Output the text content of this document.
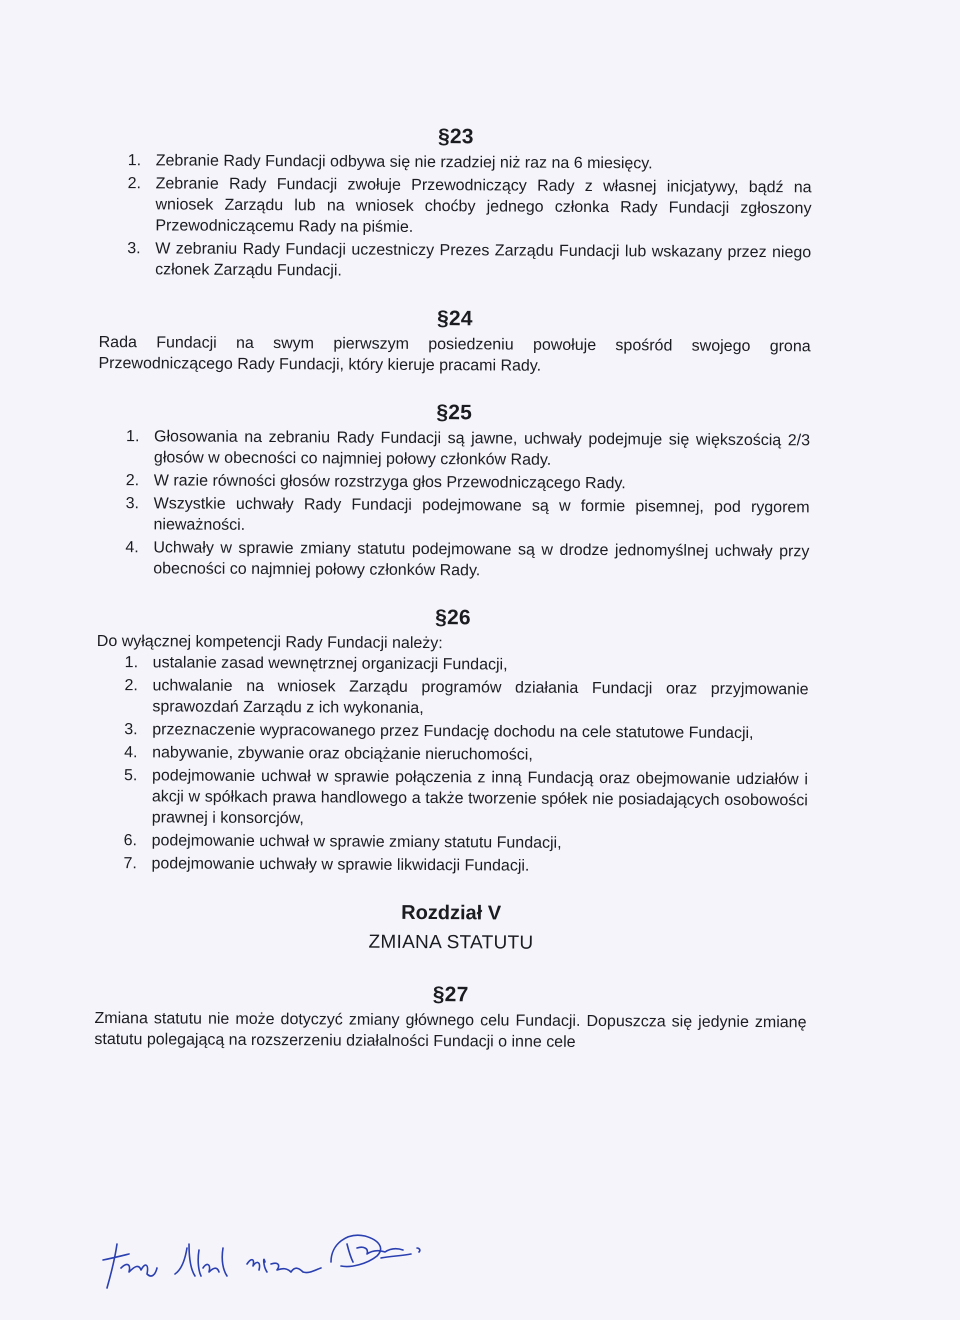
§23
1. Zebranie Rady Fundacji odbywa się nie rzadziej niż raz na 6 miesięcy.
2. Zebranie Rady Fundacji zwołuje Przewodniczący Rady z własnej inicjatywy, bądź na wniosek Zarządu lub na wniosek choćby jednego członka Rady Fundacji zgłoszony Przewodniczącemu Rady na piśmie.
3. W zebraniu Rady Fundacji uczestniczy Prezes Zarządu Fundacji lub wskazany przez niego członek Zarządu Fundacji.
§24
Rada Fundacji na swym pierwszym posiedzeniu powołuje spośród swojego grona Przewodniczącego Rady Fundacji, który kieruje pracami Rady.
§25
1. Głosowania na zebraniu Rady Fundacji są jawne, uchwały podejmuje się większością 2/3 głosów w obecności co najmniej połowy członków Rady.
2. W razie równości głosów rozstrzyga głos Przewodniczącego Rady.
3. Wszystkie uchwały Rady Fundacji podejmowane są w formie pisemnej, pod rygorem nieważności.
4. Uchwały w sprawie zmiany statutu podejmowane są w drodze jednomyślnej uchwały przy obecności co najmniej połowy członków Rady.
§26
Do wyłącznej kompetencji Rady Fundacji należy:
1. ustalanie zasad wewnętrznej organizacji Fundacji,
2. uchwalanie na wniosek Zarządu programów działania Fundacji oraz przyjmowanie sprawozdań Zarządu z ich wykonania,
3. przeznaczenie wypracowanego przez Fundację dochodu na cele statutowe Fundacji,
4. nabywanie, zbywanie oraz obciążanie nieruchomości,
5. podejmowanie uchwał w sprawie połączenia z inną Fundacją oraz obejmowanie udziałów i akcji w spółkach prawa handlowego a także tworzenie spółek nie posiadających osobowości prawnej i konsorcjów,
6. podejmowanie uchwał w sprawie zmiany statutu Fundacji,
7. podejmowanie uchwały w sprawie likwidacji Fundacji.
Rozdział V
ZMIANA STATUTU
§27
Zmiana statutu nie może dotyczyć zmiany głównego celu Fundacji. Dopuszcza się jedynie zmianę statutu polegającą na rozszerzeniu działalności Fundacji o inne cele
